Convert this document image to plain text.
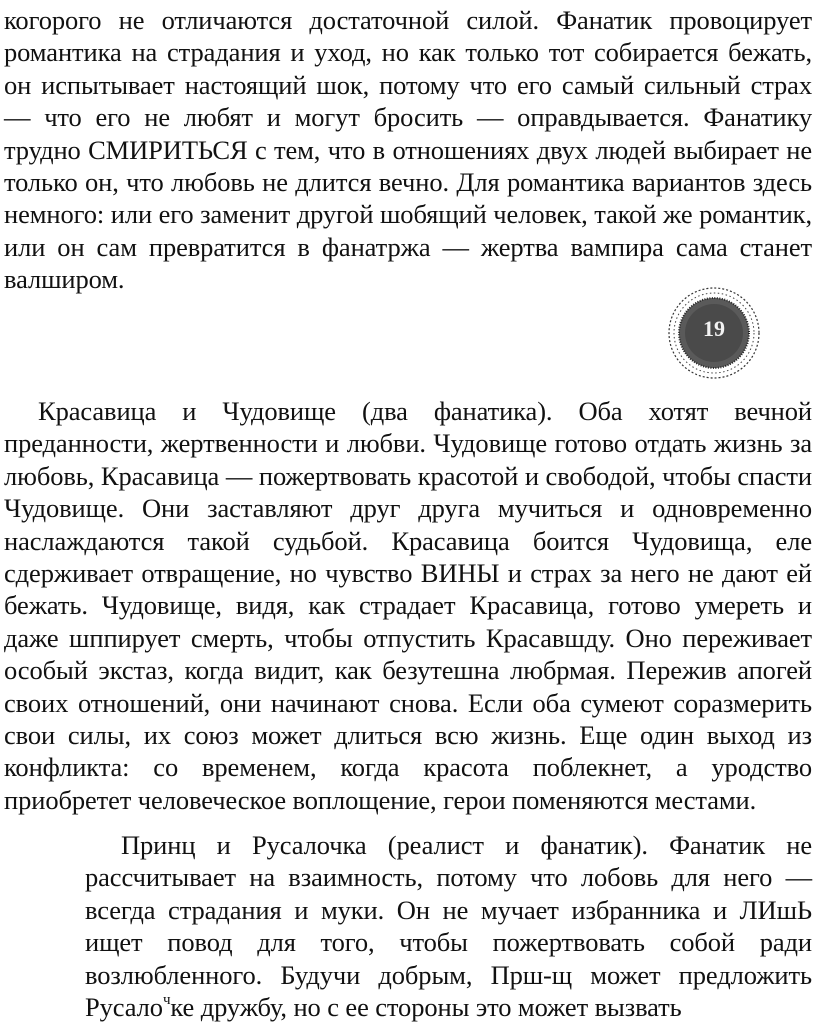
когорого не отличаются достаточной силой. Фанатик провоцирует романтика на страдания и уход, но как только тот собирается бежать, он испытывает настоящий шок, потому что его самый сильный страх — что его не любят и могут бросить — оправдывается. Фанатику трудно СМИРИТЬСЯ с тем, что в отношениях двух людей выбирает не только он, что любовь не длится вечно. Для романтика вариантов здесь немного: или его заменит другой шобящий человек, такой же романтик, или он сам превратится в фанатржа — жертва вампира сама станет валширом.

19

Красавица и Чудовище (два фанатика). Оба хотят вечной преданности, жертвенности и любви. Чудовище готово отдать жизнь за любовь, Красавица — пожертвовать красотой и свободой, чтобы спасти Чудовище. Они заставляют друг друга мучиться и одновременно наслаждаются такой судьбой. Красавица боится Чудовища, еле сдерживает отвращение, но чувство ВИНЫ и страх за него не дают ей бежать. Чудовище, видя, как страдает Красавица, готово умереть и даже шппирует смерть, чтобы отпустить Красавшду. Оно переживает особый экстаз, когда видит, как безутешна любрмая. Пережив апогей своих отношений, они начинают снова. Если оба сумеют соразмерить свои силы, их союз может длиться всю жизнь. Еще один выход из конфликта: со временем, когда красота поблекнет, а уродство приобретет человеческое воплощение, герои поменяются местами.

Принц и Русалочка (реалист и фанатик). Фанатик не рассчитывает на взаимность, потому что лобовь для него — всегда страдания и муки. Он не мучает избранника и ЛИшЬ ищет повод для того, чтобы пожертвовать собой ради возлюбленного. Будучи добрым, Прш-щ может предложить Русало$^ч$ке дружбу, но с ее стороны это может вызвать
